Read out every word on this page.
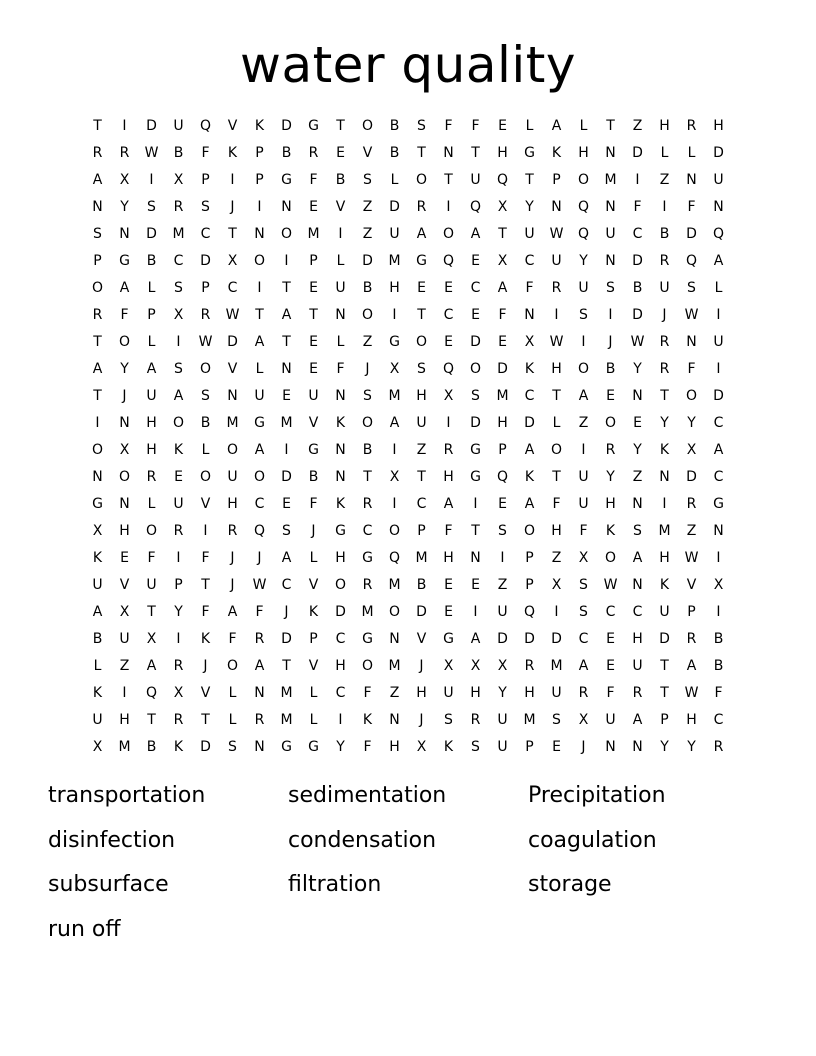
water quality
T	I	D	U	Q	V	K	D	G	T	O	B	S	F	F	E	L	A	L	T	Z	H	R	H
R	R	W	B	F	K	P	B	R	E	V	B	T	N	T	H	G	K	H	N	D	L	L	D
A	X	I	X	P	I	P	G	F	B	S	L	O	T	U	Q	T	P	O	M	I	Z	N	U
N	Y	S	R	S	J	I	N	E	V	Z	D	R	I	Q	X	Y	N	Q	N	F	I	F	N
S	N	D	M	C	T	N	O	M	I	Z	U	A	O	A	T	U	W	Q	U	C	B	D	Q
P	G	B	C	D	X	O	I	P	L	D	M	G	Q	E	X	C	U	Y	N	D	R	Q	A
O	A	L	S	P	C	I	T	E	U	B	H	E	E	C	A	F	R	U	S	B	U	S	L
R	F	P	X	R	W	T	A	T	N	O	I	T	C	E	F	N	I	S	I	D	J	W	I
T	O	L	I	W	D	A	T	E	L	Z	G	O	E	D	E	X	W	I	J	W	R	N	U
A	Y	A	S	O	V	L	N	E	F	J	X	S	Q	O	D	K	H	O	B	Y	R	F	I
T	J	U	A	S	N	U	E	U	N	S	M	H	X	S	M	C	T	A	E	N	T	O	D
I	N	H	O	B	M	G	M	V	K	O	A	U	I	D	H	D	L	Z	O	E	Y	Y	C
O	X	H	K	L	O	A	I	G	N	B	I	Z	R	G	P	A	O	I	R	Y	K	X	A
N	O	R	E	O	U	O	D	B	N	T	X	T	H	G	Q	K	T	U	Y	Z	N	D	C
G	N	L	U	V	H	C	E	F	K	R	I	C	A	I	E	A	F	U	H	N	I	R	G
X	H	O	R	I	R	Q	S	J	G	C	O	P	F	T	S	O	H	F	K	S	M	Z	N
K	E	F	I	F	J	J	A	L	H	G	Q	M	H	N	I	P	Z	X	O	A	H	W	I
U	V	U	P	T	J	W	C	V	O	R	M	B	E	E	Z	P	X	S	W	N	K	V	X
A	X	T	Y	F	A	F	J	K	D	M	O	D	E	I	U	Q	I	S	C	C	U	P	I
B	U	X	I	K	F	R	D	P	C	G	N	V	G	A	D	D	D	C	E	H	D	R	B
L	Z	A	R	J	O	A	T	V	H	O	M	J	X	X	X	R	M	A	E	U	T	A	B
K	I	Q	X	V	L	N	M	L	C	F	Z	H	U	H	Y	H	U	R	F	R	T	W	F
U	H	T	R	T	L	R	M	L	I	K	N	J	S	R	U	M	S	X	U	A	P	H	C
X	M	B	K	D	S	N	G	G	Y	F	H	X	K	S	U	P	E	J	N	N	Y	Y	R
transportation	sedimentation	Precipitation
disinfection	condensation	coagulation
subsurface	filtration	storage
run off
